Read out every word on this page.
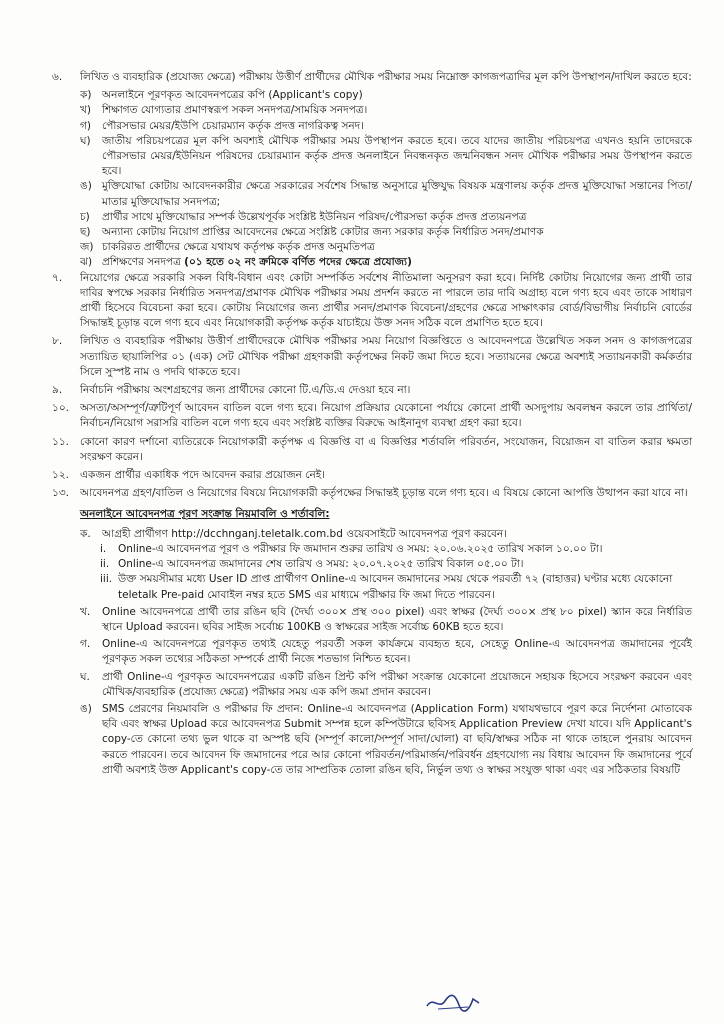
৬.	লিখিত ও ব্যবহারিক (প্রযোজ্য ক্ষেত্রে) পরীক্ষায় উত্তীর্ণ প্রার্থীদের মৌখিক পরীক্ষার সময় নিম্নোক্ত কাগজপত্রাদির মূল কপি উপস্থাপন/দাখিল করতে হবে:
ক)	অনলাইনে পূরণকৃত আবেদনপত্রের কপি (Applicant's copy)
খ)	শিক্ষাগত যোগ্যতার প্রমাণস্বরূপ সকল সনদপত্র/সাময়িক সনদপত্র।
গ)	পৌরসভার মেয়র/ইউপি চেয়ারম্যান কর্তৃক প্রদত্ত নাগরিকত্ব সনদ।
ঘ)	জাতীয় পরিচয়পত্রের মূল কপি অবশ্যই মৌখিক পরীক্ষার সময় উপস্থাপন করতে হবে। তবে যাদের জাতীয় পরিচয়পত্র এখনও হয়নি তাদেরকে পৌরসভার মেয়র/ইউনিয়ন পরিষদের চেয়ারম্যান কর্তৃক প্রদত্ত অনলাইনে নিবন্ধনকৃত জন্মনিবন্ধন সনদ মৌখিক পরীক্ষার সময় উপস্থাপন করতে হবে।
ঙ) মুক্তিযোদ্ধা কোটায় আবেদনকারীর ক্ষেত্রে সরকারের সর্বশেষ সিদ্ধান্ত অনুসারে মুক্তিযুদ্ধ বিষয়ক মন্ত্রণালয় কর্তৃক প্রদত্ত মুক্তিযোদ্ধা সন্তানের পিতা/মাতার মুক্তিযোদ্ধার সনদপত্র;
চ)	প্রার্থীর সাথে মুক্তিযোদ্ধার সম্পর্ক উল্লেখপূর্বক সংশ্লিষ্ট ইউনিয়ন পরিষদ/পৌরসভা কর্তৃক প্রদত্ত প্রত্যয়নপত্র
ছ)	অন্যান্য কোটায় নিয়োগ প্রাপ্তির আবেদনের ক্ষেত্রে সংশ্লিষ্ট কোটার জন্য সরকার কর্তৃক নির্ধারিত সনদ/প্রমাণক
জ) চাকরিরত প্রার্থীদের ক্ষেত্রে যথাযথ কর্তৃপক্ষ কর্তৃক প্রদত্ত অনুমতিপত্র
ঝ) প্রশিক্ষণের সনদপত্র (০১ হতে ০২ নং ক্রমিকে বর্ণিত পদের ক্ষেত্রে প্রযোজ্য)
৭.	নিয়োগের ক্ষেত্রে সরকারি সকল বিধি-বিধান এবং কোটা সম্পর্কিত সর্বশেষ নীতিমালা অনুসরণ করা হবে। নির্দিষ্ট কোটায় নিয়োগের জন্য প্রার্থী তার দাবির স্বপক্ষে সরকার নির্ধারিত সনদপত্র/প্রমাণক মৌখিক পরীক্ষার সময় প্রদর্শন করতে না পারলে তার দাবি অগ্রাহ্য বলে গণ্য হবে এবং তাকে সাধারণ প্রার্থী হিসেবে বিবেচনা করা হবে। কোটায় নিয়োগের জন্য প্রার্থীর সনদ/প্রমাণক বিবেচনা/গ্রহণের ক্ষেত্রে সাক্ষাৎকার বোর্ড/বিভাগীয় নির্বাচনি বোর্ডের সিদ্ধান্তই চূড়ান্ত বলে গণ্য হবে এবং নিয়োগকারী কর্তৃপক্ষ কর্তৃক যাচাইয়ে উক্ত সনদ সঠিক বলে প্রমাণিত হতে হবে।
৮.	লিখিত ও ব্যবহারিক পরীক্ষায় উত্তীর্ণ প্রার্থীদেরকে মৌখিক পরীক্ষার সময় নিয়োগ বিজ্ঞপ্তিতে ও আবেদনপত্রে উল্লেখিত সকল সনদ ও কাগজপত্রের সত্যায়িত ছায়ালিপির ০১ (এক) সেট মৌখিক পরীক্ষা গ্রহণকারী কর্তৃপক্ষের নিকট জমা দিতে হবে। সত্যায়নের ক্ষেত্রে অবশ্যই সত্যায়নকারী কর্মকর্তার সিলে সুস্পষ্ট নাম ও পদবি থাকতে হবে।
৯.	নির্বাচনি পরীক্ষায় অংশগ্রহণের জন্য প্রার্থীদের কোনো টি.এ/ডি.এ দেওয়া হবে না।
১০.	অসত্য/অসম্পূর্ণ/ত্রুটিপূর্ণ আবেদন বাতিল বলে গণ্য হবে। নিয়োগ প্রক্রিয়ার যেকোনো পর্যায়ে কোনো প্রার্থী অসদুপায় অবলম্বন করলে তার প্রার্থিতা/নির্বাচন/নিয়োগ সরাসরি বাতিল বলে গণ্য হবে এবং সংশ্লিষ্ট ব্যক্তির বিরুদ্ধে আইনানুগ ব্যবস্থা গ্রহণ করা হবে।
১১.	কোনো কারণ দর্শানো ব্যতিরেকে নিয়োগকারী কর্তৃপক্ষ এ বিজ্ঞপ্তি বা এ বিজ্ঞপ্তির শর্তাবলি পরিবর্তন, সংযোজন, বিয়োজন বা বাতিল করার ক্ষমতা সংরক্ষণ করেন।
১২.	একজন প্রার্থীর একাধিক পদে আবেদন করার প্রয়োজন নেই।
১৩.	আবেদনপত্র গ্রহণ/বাতিল ও নিয়োগের বিষয়ে নিয়োগকারী কর্তৃপক্ষের সিদ্ধান্তই চূড়ান্ত বলে গণ্য হবে। এ বিষয়ে কোনো আপত্তি উত্থাপন করা যাবে না।
অনলাইনে আবেদনপত্র পূরণ সংক্রান্ত নিয়মাবলি ও শর্তাবলি:
ক.	আগ্রহী প্রার্থীগণ http://dcchnganj.teletalk.com.bd ওয়েবসাইটে আবেদনপত্র পূরণ করবেন।
i.	Online-এ আবেদনপত্র পূরণ ও পরীক্ষার ফি জমাদান শুরুর তারিখ ও সময়: ২০.০৬.২০২৫ তারিখ সকাল ১০.০০ টা।
ii. Online-এ আবেদনপত্র জমাদানের শেষ তারিখ ও সময়: ২০.০৭.২০২৫ তারিখ বিকাল ০৫.০০ টা।
iii. উক্ত সময়সীমার মধ্যে User ID প্রাপ্ত প্রার্থীগণ Online-এ আবেদন জমাদানের সময় থেকে পরবর্তী ৭২ (বাহাত্তর) ঘণ্টার মধ্যে যেকোনো teletalk Pre-paid মোবাইল নম্বর হতে SMS এর মাধ্যমে পরীক্ষার ফি জমা দিতে পারবেন।
খ.	Online আবেদনপত্রে প্রার্থী তার রঙিন ছবি (দৈর্ঘ্য ৩০০× প্রস্থ ৩০০ pixel) এবং স্বাক্ষর (দৈর্ঘ্য ৩০০× প্রস্থ ৮০ pixel) স্ক্যান করে নির্ধারিত স্থানে Upload করবেন। ছবির সাইজ সর্বোচ্চ 100KB ও স্বাক্ষরের সাইজ সর্বোচ্চ 60KB হতে হবে।
গ.	Online-এ আবেদনপত্রে পূরণকৃত তথ্যই যেহেতু পরবর্তী সকল কার্যক্রমে ব্যবহৃত হবে, সেহেতু Online-এ আবেদনপত্র জমাদানের পূর্বেই পূরণকৃত সকল তথ্যের সঠিকতা সম্পর্কে প্রার্থী নিজে শতভাগ নিশ্চিত হবেন।
ঘ.	প্রার্থী Online-এ পূরণকৃত আবেদনপত্রের একটি রঙিন প্রিন্ট কপি পরীক্ষা সংক্রান্ত যেকোনো প্রয়োজনে সহায়ক হিসেবে সংরক্ষণ করবেন এবং মৌখিক/ব্যবহারিক (প্রযোজ্য ক্ষেত্রে) পরীক্ষার সময় এক কপি জমা প্রদান করবেন।
ঙ) SMS প্রেরণের নিয়মাবলি ও পরীক্ষার ফি প্রদান: Online-এ আবেদনপত্র (Application Form) যথাযথভাবে পূরণ করে নির্দেশনা মোতাবেক ছবি এবং স্বাক্ষর Upload করে আবেদনপত্র Submit সম্পন্ন হলে কম্পিউটারে ছবিসহ Application Preview দেখা যাবে। যদি Applicant's copy-তে কোনো তথ্য ভুল থাকে বা অস্পষ্ট ছবি (সম্পূর্ণ কালো/সম্পূর্ণ সাদা/ঘোলা) বা ছবি/স্বাক্ষর সঠিক না থাকে তাহলে পুনরায় আবেদন করতে পারবেন। তবে আবেদন ফি জমাদানের পরে আর কোনো পরিবর্তন/পরিমার্জন/পরিবর্ধন গ্রহণযোগ্য নয় বিধায় আবেদন ফি জমাদানের পূর্বে প্রার্থী অবশ্যই উক্ত Applicant's copy-তে তার সাম্প্রতিক তোলা রঙিন ছবি, নির্ভুল তথ্য ও স্বাক্ষর সংযুক্ত থাকা এবং এর সঠিকতার বিষয়টি
